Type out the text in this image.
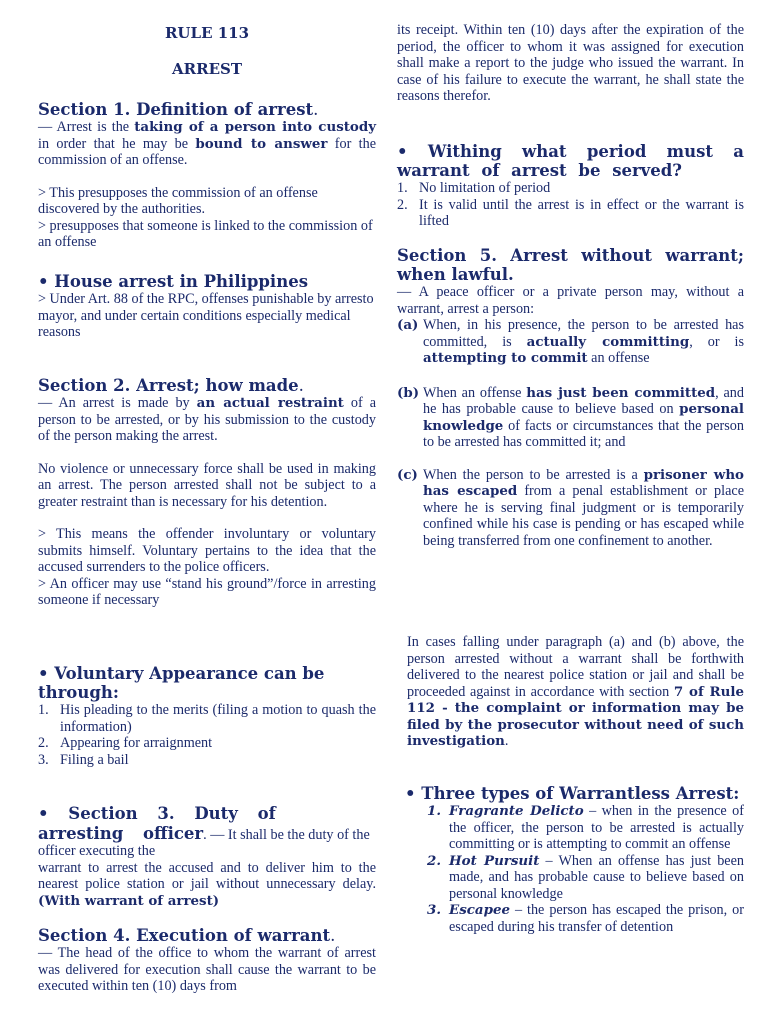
RULE 113

ARREST

Section 1. Definition of arrest.

— Arrest is the taking of a person into custody in order that he may be bound to answer for the commission of an offense.

> This presupposes the commission of an offense discovered by the authorities.

> presupposes that someone is linked to the commission of an offense

• House arrest in Philippines

> Under Art. 88 of the RPC, offenses punishable by arresto mayor, and under certain conditions especially medical reasons

Section 2. Arrest; how made.

— An arrest is made by an actual restraint of a person to be arrested, or by his submission to the custody of the person making the arrest.

No violence or unnecessary force shall be used in making an arrest. The person arrested shall not be subject to a greater restraint than is necessary for his detention.

> This means the offender involuntary or voluntary submits himself. Voluntary pertains to the idea that the accused surrenders to the police officers.

> An officer may use “stand his ground”/force in arresting someone if necessary

• Voluntary Appearance can be through:

1. His pleading to the merits (filing a motion to quash the information)
2. Appearing for arraignment
3. Filing a bail

• Section 3. Duty of arresting officer. — It shall be the duty of the officer executing the

warrant to arrest the accused and to deliver him to the nearest police station or jail without unnecessary delay. (With warrant of arrest)

Section 4. Execution of warrant.

— The head of the office to whom the warrant of arrest was delivered for execution shall cause the warrant to be executed within ten (10) days from

its receipt. Within ten (10) days after the expiration of the period, the officer to whom it was assigned for execution shall make a report to the judge who issued the warrant. In case of his failure to execute the warrant, he shall state the reasons therefor.

• Withing what period must a warrant of arrest be served?

1. No limitation of period
2. It is valid until the arrest is in effect or the warrant is lifted

Section 5. Arrest without warrant; when lawful.

— A peace officer or a private person may, without a warrant, arrest a person:

(a) When, in his presence, the person to be arrested has committed, is actually committing, or is attempting to commit an offense
(b) When an offense has just been committed, and he has probable cause to believe based on personal knowledge of facts or circumstances that the person to be arrested has committed it; and
(c) When the person to be arrested is a prisoner who has escaped from a penal establishment or place where he is serving final judgment or is temporarily confined while his case is pending or has escaped while being transferred from one confinement to another.

In cases falling under paragraph (a) and (b) above, the person arrested without a warrant shall be forthwith delivered to the nearest police station or jail and shall be proceeded against in accordance with section 7 of Rule 112 - the complaint or information may be filed by the prosecutor without need of such investigation.

• Three types of Warrantless Arrest:

1. Fragrante Delicto – when in the presence of the officer, the person to be arrested is actually committing or is attempting to commit an offense
2. Hot Pursuit – When an offense has just been made, and has probable cause to believe based on personal knowledge
3. Escapee – the person has escaped the prison, or escaped during his transfer of detention
